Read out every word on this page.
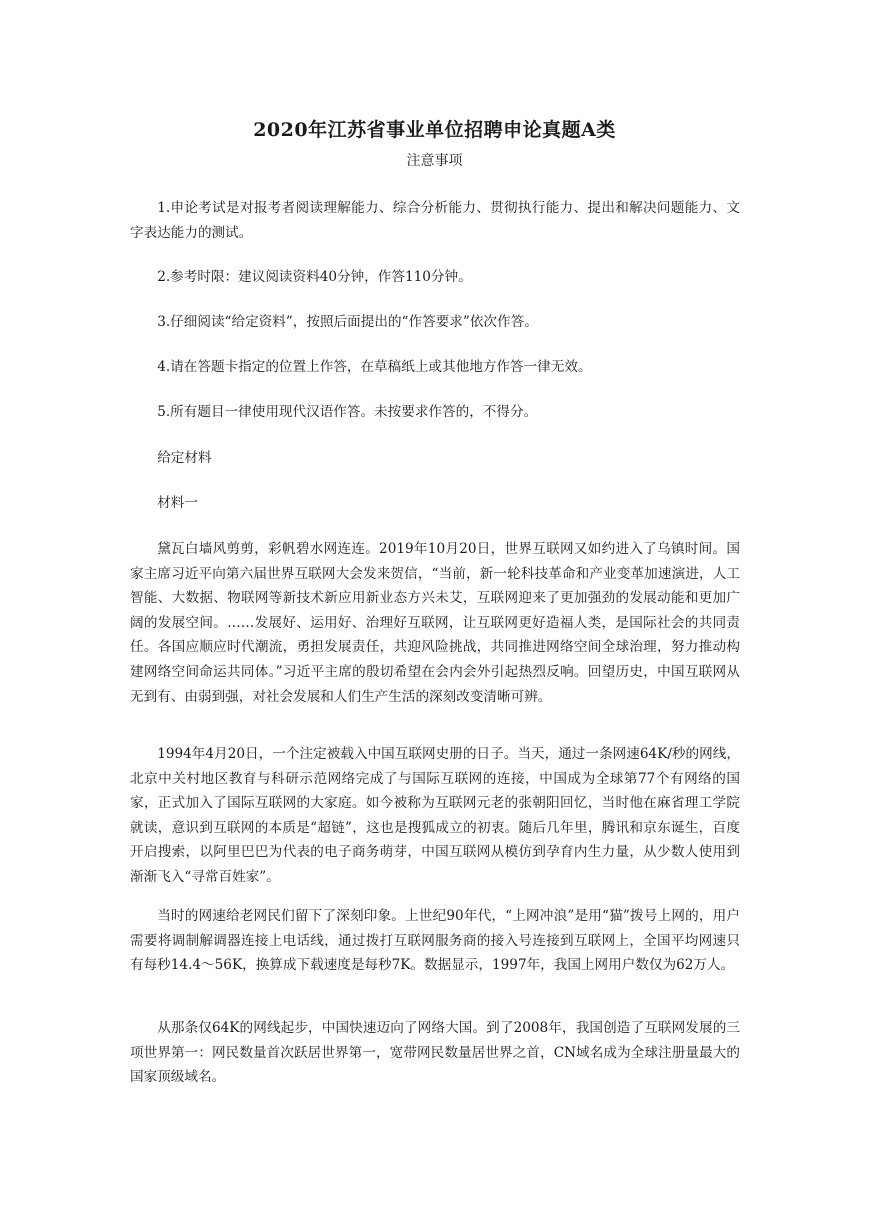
2020年江苏省事业单位招聘申论真题A类
注意事项

1.申论考试是对报考者阅读理解能力、综合分析能力、贯彻执行能力、提出和解决问题能力、文字表达能力的测试。

2.参考时限：建议阅读资料40分钟，作答110分钟。

3.仔细阅读“给定资料”，按照后面提出的“作答要求”依次作答。

4.请在答题卡指定的位置上作答，在草稿纸上或其他地方作答一律无效。

5.所有题目一律使用现代汉语作答。未按要求作答的，不得分。

给定材料

材料一

黛瓦白墙风剪剪，彩帆碧水网连连。2019年10月20日，世界互联网又如约进入了乌镇时间。国家主席习近平向第六届世界互联网大会发来贺信，“当前，新一轮科技革命和产业变革加速演进，人工智能、大数据、物联网等新技术新应用新业态方兴未艾，互联网迎来了更加强劲的发展动能和更加广阔的发展空间。……发展好、运用好、治理好互联网，让互联网更好造福人类，是国际社会的共同责任。各国应顺应时代潮流，勇担发展责任，共迎风险挑战，共同推进网络空间全球治理，努力推动构建网络空间命运共同体。”习近平主席的殷切希望在会内会外引起热烈反响。回望历史，中国互联网从无到有、由弱到强，对社会发展和人们生产生活的深刻改变清晰可辨。

1994年4月20日，一个注定被载入中国互联网史册的日子。当天，通过一条网速64K/秒的网线，北京中关村地区教育与科研示范网络完成了与国际互联网的连接，中国成为全球第77个有网络的国家，正式加入了国际互联网的大家庭。如今被称为互联网元老的张朝阳回忆，当时他在麻省理工学院就读，意识到互联网的本质是“超链”，这也是搜狐成立的初衷。随后几年里，腾讯和京东诞生，百度开启搜索，以阿里巴巴为代表的电子商务萌芽，中国互联网从模仿到孕育内生力量，从少数人使用到渐渐飞入“寻常百姓家”。

当时的网速给老网民们留下了深刻印象。上世纪90年代，“上网冲浪”是用“猫”拨号上网的，用户需要将调制解调器连接上电话线，通过拨打互联网服务商的接入号连接到互联网上，全国平均网速只有每秒14.4～56K，换算成下载速度是每秒7K。数据显示，1997年，我国上网用户数仅为62万人。

从那条仅64K的网线起步，中国快速迈向了网络大国。到了2008年，我国创造了互联网发展的三项世界第一：网民数量首次跃居世界第一，宽带网民数量居世界之首，CN域名成为全球注册量最大的国家顶级域名。
